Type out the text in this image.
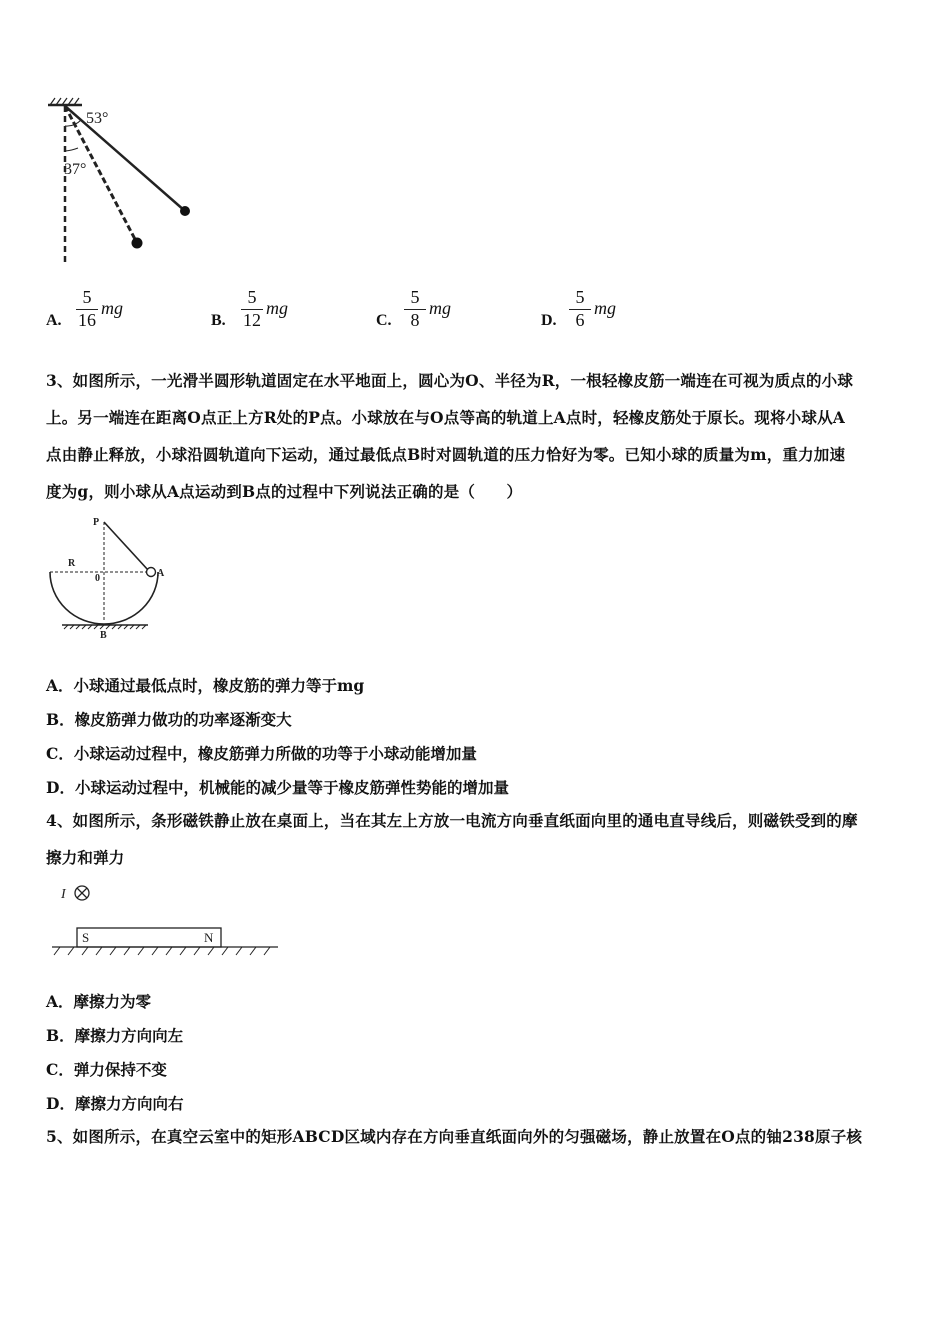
53°
37°
A.
5
16
mg
B.
5
12
mg
C.
5
8
mg
D.
5
6
mg
3、如图所示，一光滑半圆形轨道固定在水平地面上，圆心为O、半径为R，一根轻橡皮筋一端连在可视为质点的小球
上。另一端连在距离O点正上方R处的P点。小球放在与O点等高的轨道上A点时，轻橡皮筋处于原长。现将小球从A
点由静止释放，小球沿圆轨道向下运动，通过最低点B时对圆轨道的压力恰好为零。已知小球的质量为m，重力加速
度为g，则小球从A点运动到B点的过程中下列说法正确的是（　　）
P
R
0	A
B
A．小球通过最低点时，橡皮筋的弹力等于mg
B．橡皮筋弹力做功的功率逐渐变大
C．小球运动过程中，橡皮筋弹力所做的功等于小球动能增加量
D．小球运动过程中，机械能的减少量等于橡皮筋弹性势能的增加量
4、如图所示，条形磁铁静止放在桌面上，当在其左上方放一电流方向垂直纸面向里的通电直导线后，则磁铁受到的摩
擦力和弹力
I
S	N
A．摩擦力为零
B．摩擦力方向向左
C．弹力保持不变
D．摩擦力方向向右
5、如图所示，在真空云室中的矩形ABCD区域内存在方向垂直纸面向外的匀强磁场，静止放置在O点的铀238原子核
